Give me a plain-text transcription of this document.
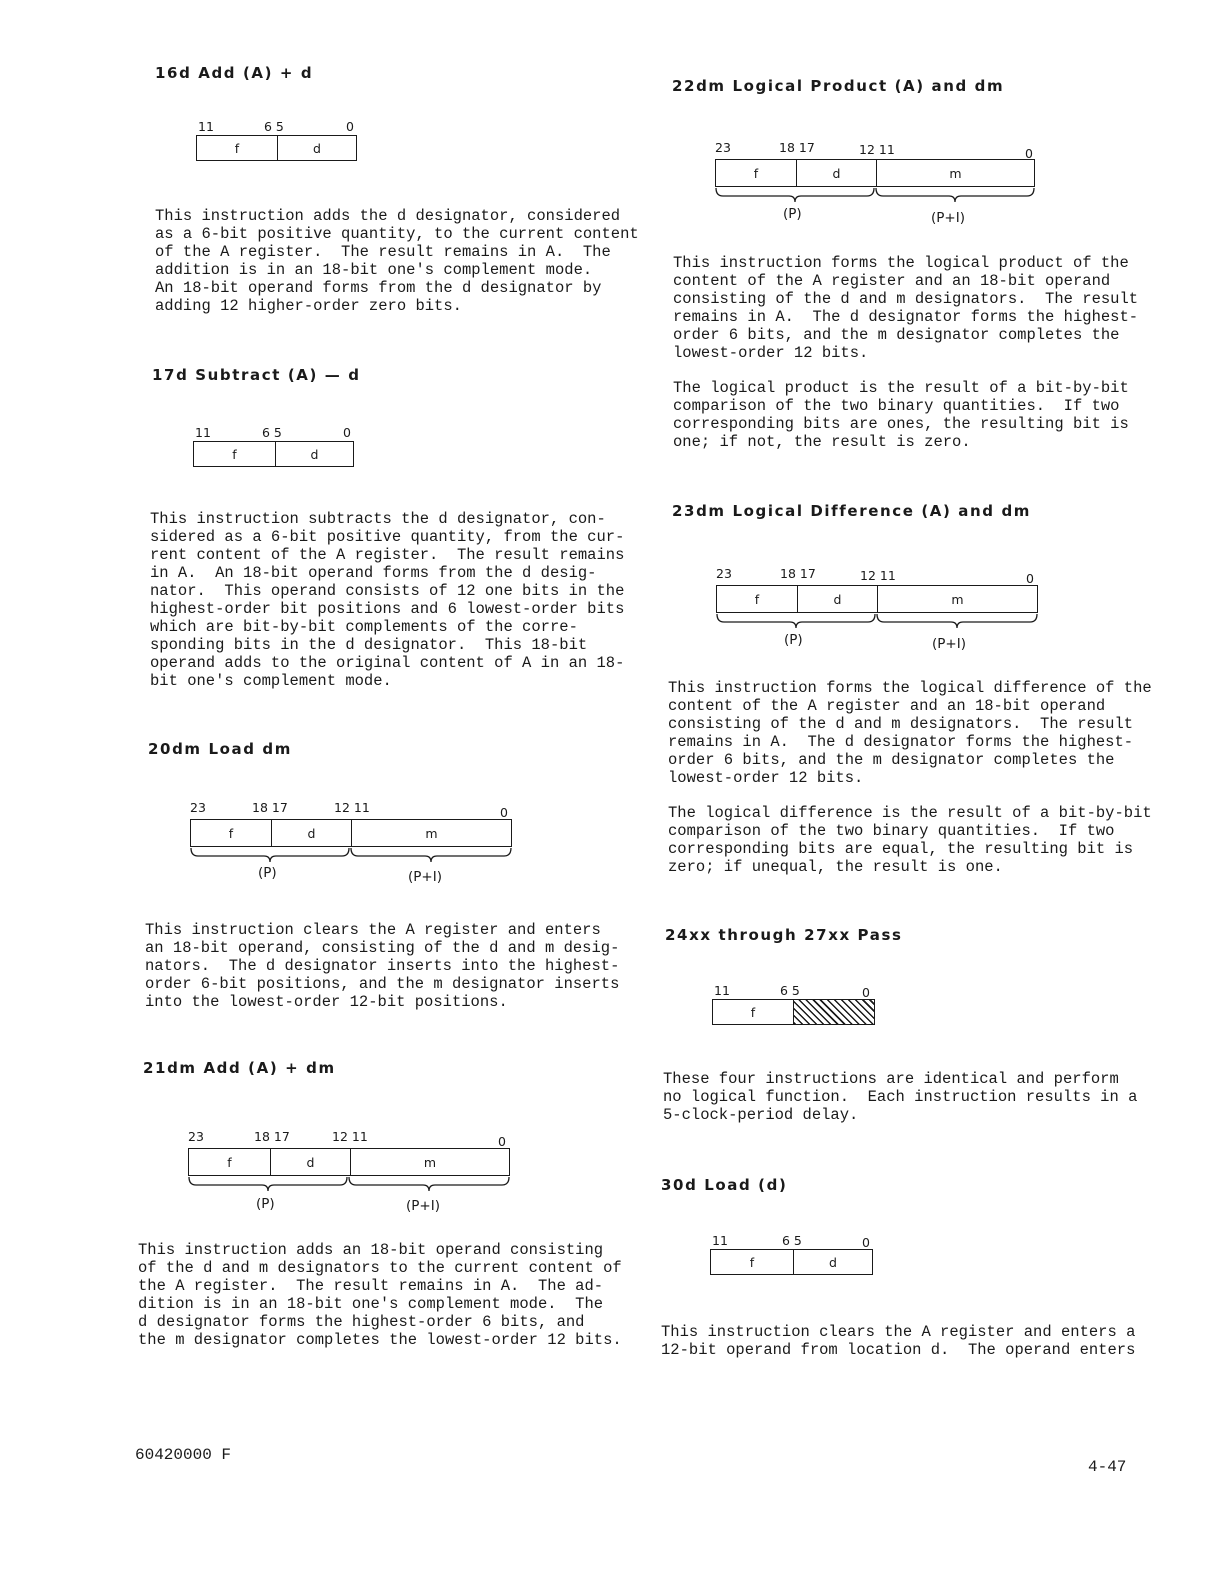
16d Add (A) + d
11	6 5	0
f	d

This instruction adds the d designator, considered
as a 6-bit positive quantity, to the current content
of the A register.  The result remains in A.  The
addition is in an 18-bit one's complement mode.
An 18-bit operand forms from the d designator by
adding 12 higher-order zero bits.

17d Subtract (A) — d
11	6 5	0
f	d

This instruction subtracts the d designator, con-
sidered as a 6-bit positive quantity, from the cur-
rent content of the A register.  The result remains
in A.  An 18-bit operand forms from the d desig-
nator.  This operand consists of 12 one bits in the
highest-order bit positions and 6 lowest-order bits
which are bit-by-bit complements of the corre-
sponding bits in the d designator.  This 18-bit
operand adds to the original content of A in an 18-
bit one's complement mode.

20dm Load dm
23	18 17	12 11	0
f	d	m
(P)	(P+I)

This instruction clears the A register and enters
an 18-bit operand, consisting of the d and m desig-
nators.  The d designator inserts into the highest-
order 6-bit positions, and the m designator inserts
into the lowest-order 12-bit positions.

21dm Add (A) + dm
23	18 17	12 11	0
f	d	m
(P)	(P+I)

This instruction adds an 18-bit operand consisting
of the d and m designators to the current content of
the A register.  The result remains in A.  The ad-
dition is in an 18-bit one's complement mode.  The
d designator forms the highest-order 6 bits, and
the m designator completes the lowest-order 12 bits.

22dm Logical Product (A) and dm
23	18 17	12 11	0
f	d	m
(P)	(P+I)

This instruction forms the logical product of the
content of the A register and an 18-bit operand
consisting of the d and m designators.  The result
remains in A.  The d designator forms the highest-
order 6 bits, and the m designator completes the
lowest-order 12 bits.

The logical product is the result of a bit-by-bit
comparison of the two binary quantities.  If two
corresponding bits are ones, the resulting bit is
one; if not, the result is zero.

23dm Logical Difference (A) and dm
23	18 17	12 11	0
f	d	m
(P)	(P+I)

This instruction forms the logical difference of the
content of the A register and an 18-bit operand
consisting of the d and m designators.  The result
remains in A.  The d designator forms the highest-
order 6 bits, and the m designator completes the
lowest-order 12 bits.

The logical difference is the result of a bit-by-bit
comparison of the two binary quantities.  If two
corresponding bits are equal, the resulting bit is
zero; if unequal, the result is one.

24xx through 27xx Pass
11	6 5	0
f

These four instructions are identical and perform
no logical function.  Each instruction results in a
5-clock-period delay.

30d Load (d)
11	6 5	0
f	d

This instruction clears the A register and enters a
12-bit operand from location d.  The operand enters

60420000 F
4-47
